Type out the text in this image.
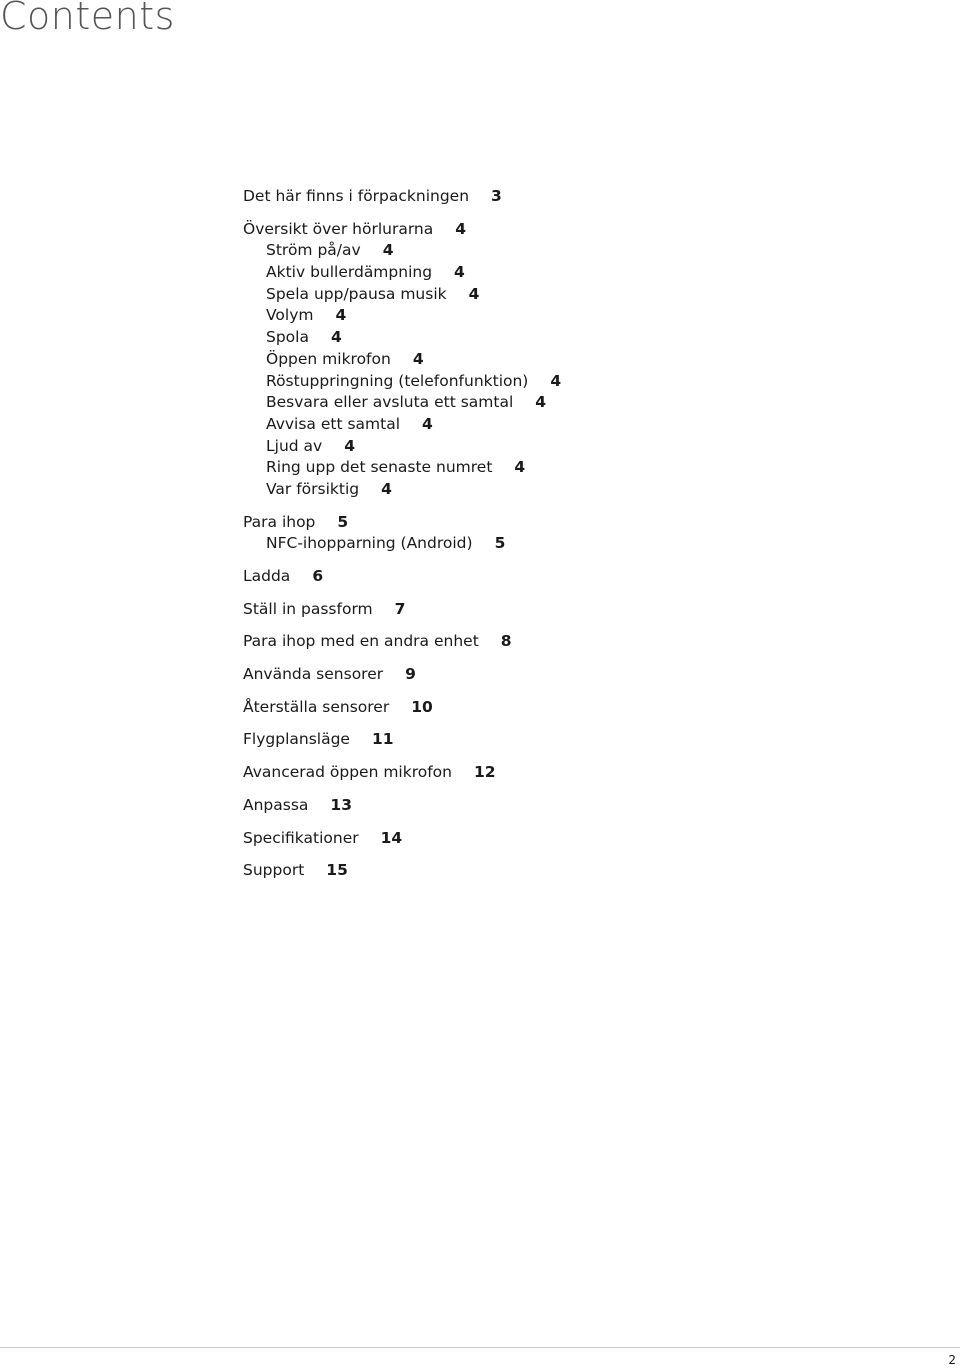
Contents
Det här finns i förpackningen 3
Översikt över hörlurarna 4
Ström på/av 4
Aktiv bullerdämpning 4
Spela upp/pausa musik 4
Volym 4
Spola 4
Öppen mikrofon 4
Röstuppringning (telefonfunktion) 4
Besvara eller avsluta ett samtal 4
Avvisa ett samtal 4
Ljud av 4
Ring upp det senaste numret 4
Var försiktig 4
Para ihop 5
NFC-ihopparning (Android) 5
Ladda 6
Ställ in passform 7
Para ihop med en andra enhet 8
Använda sensorer 9
Återställa sensorer 10
Flygplansläge 11
Avancerad öppen mikrofon 12
Anpassa 13
Specifikationer 14
Support 15
2
